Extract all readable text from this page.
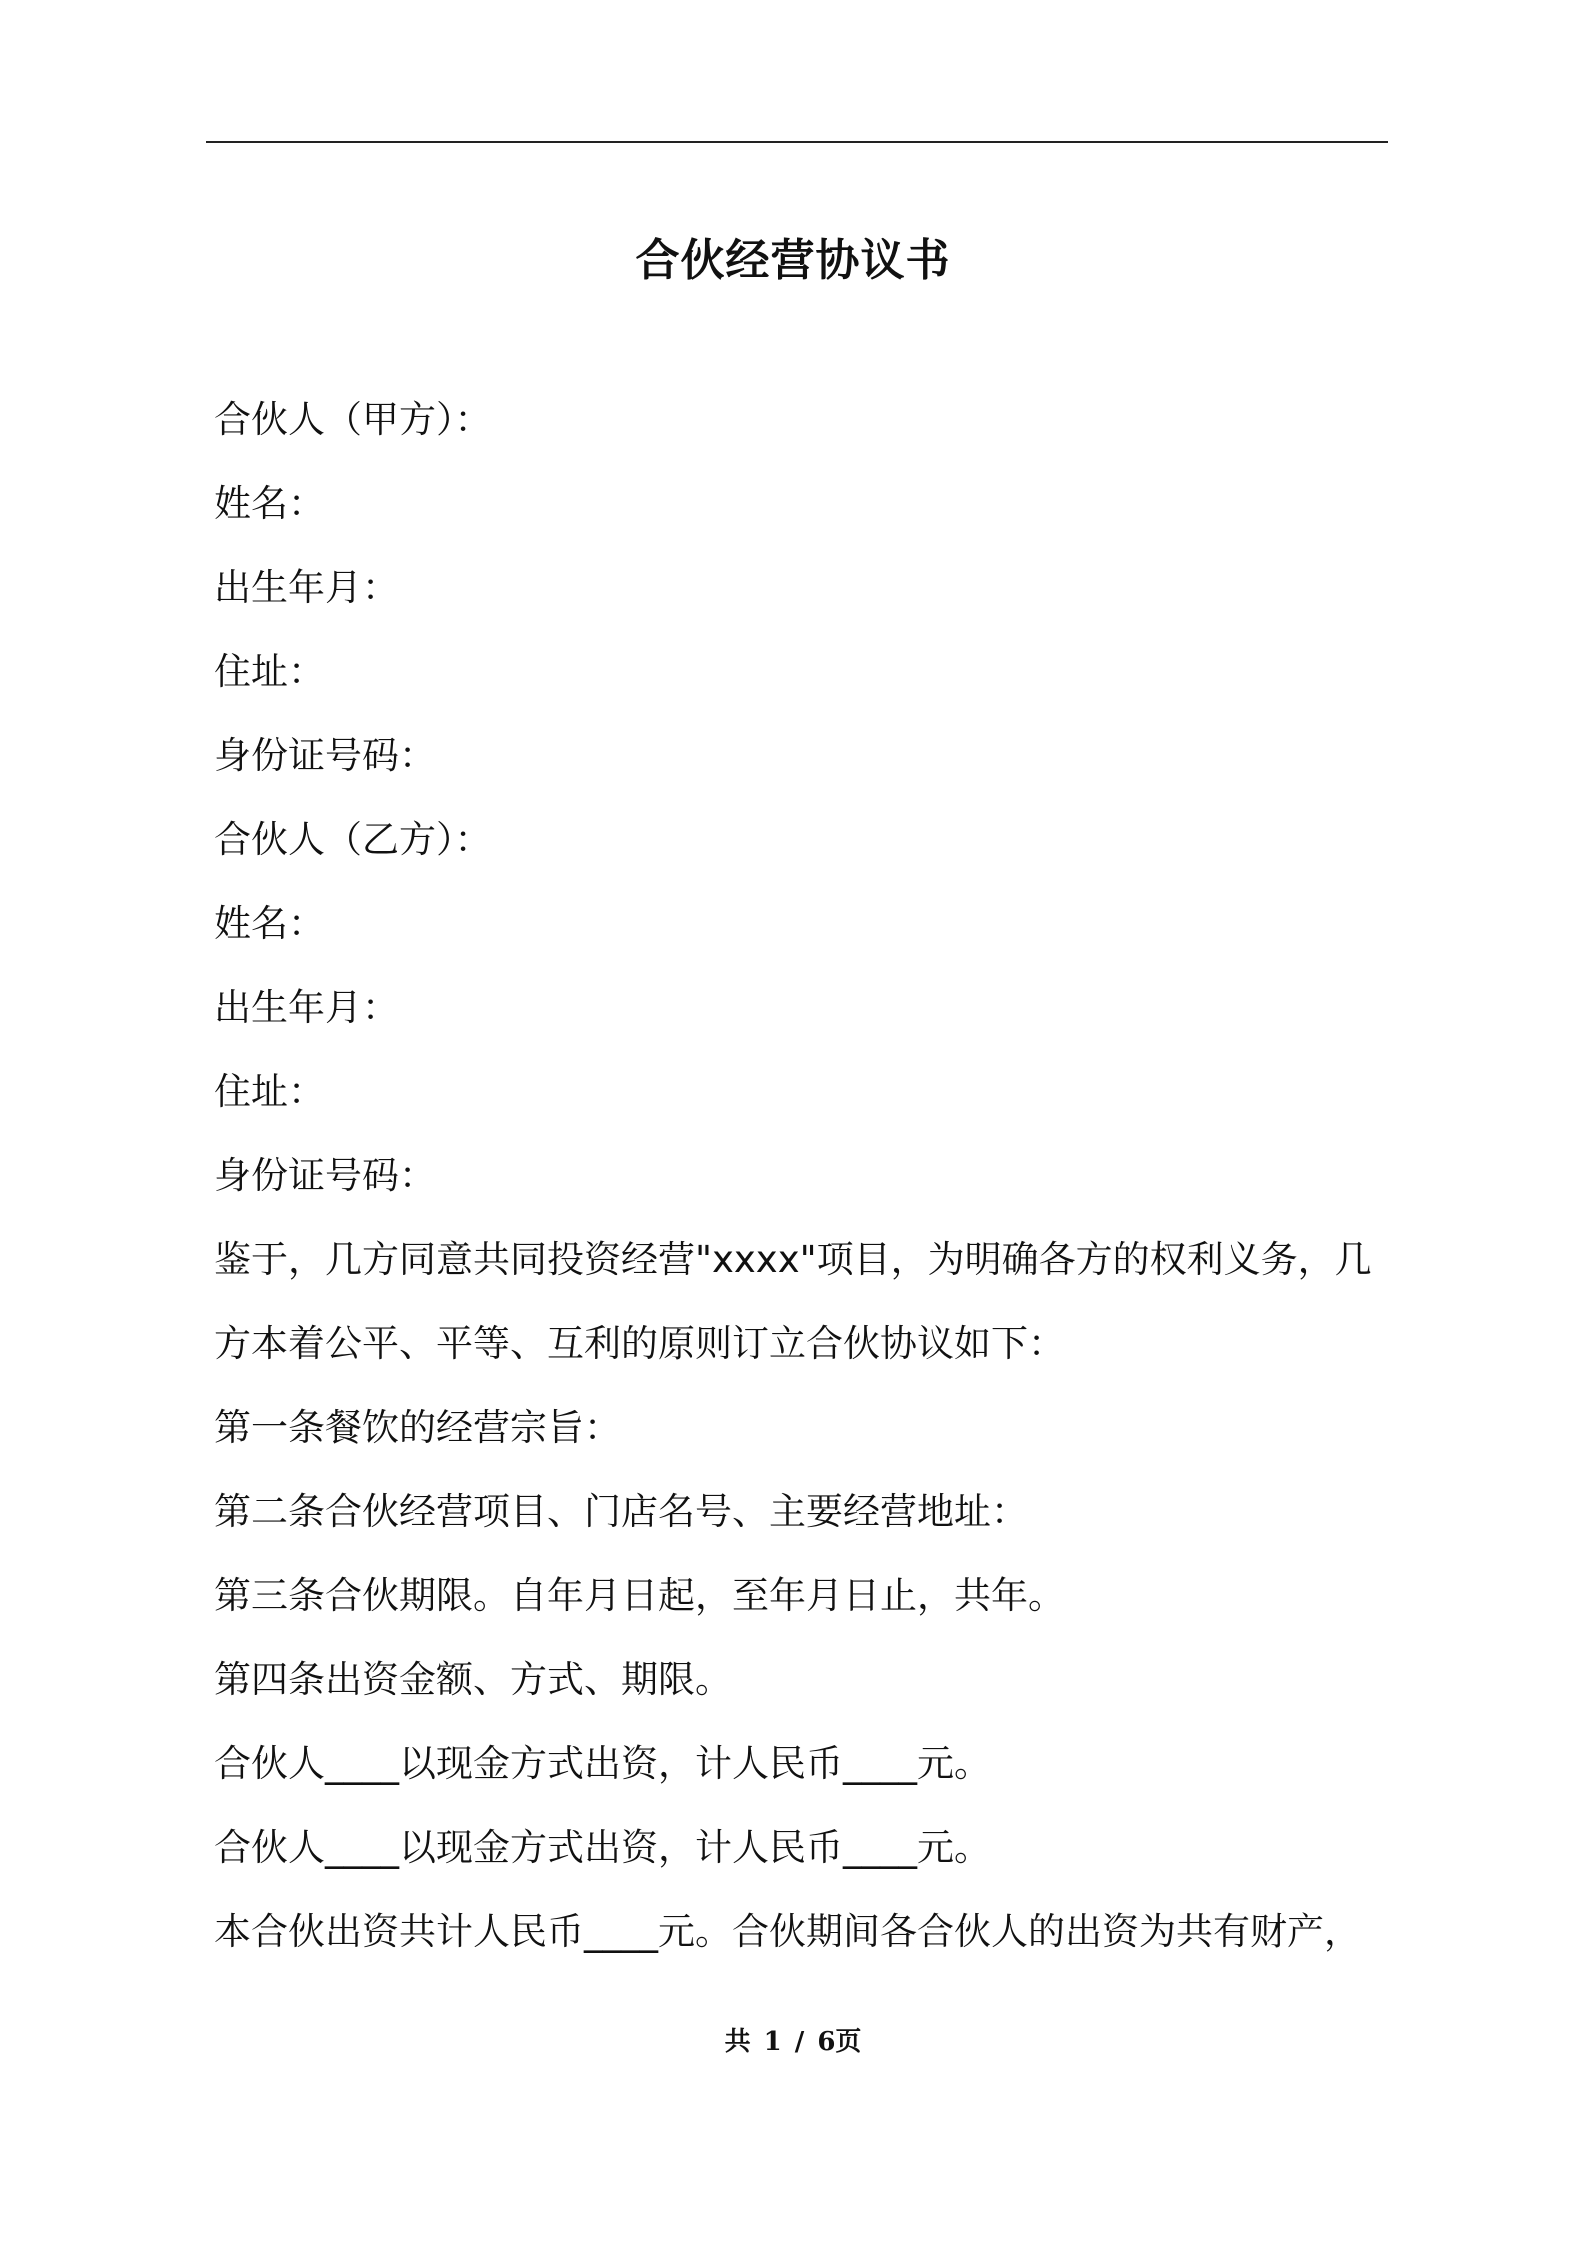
合伙经营协议书
合伙人（甲方）：
姓名：
出生年月：
住址：
身份证号码：
合伙人（乙方）：
姓名：
出生年月：
住址：
身份证号码：
鉴于，几方同意共同投资经营"xxxx"项目，为明确各方的权利义务，几
方本着公平、平等、互利的原则订立合伙协议如下：
第一条餐饮的经营宗旨：
第二条合伙经营项目、门店名号、主要经营地址：
第三条合伙期限。自年月日起，至年月日止，共年。
第四条出资金额、方式、期限。
合伙人____以现金方式出资，计人民币____元。
合伙人____以现金方式出资，计人民币____元。
本合伙出资共计人民币____元。合伙期间各合伙人的出资为共有财产，
共 1 / 6页
